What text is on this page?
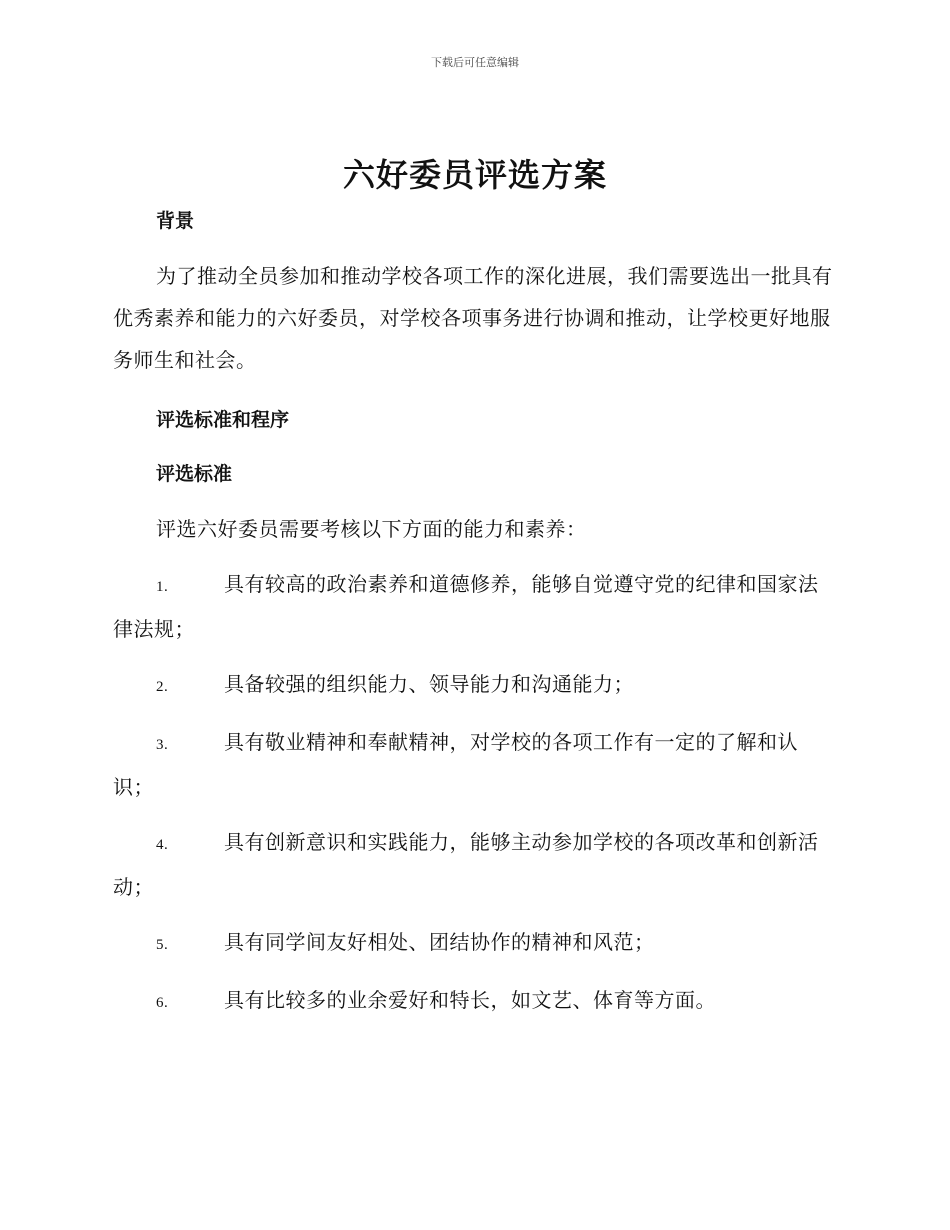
下载后可任意编辑
六好委员评选方案

背景

为了推动全员参加和推动学校各项工作的深化进展，我们需要选出一批具有优秀素养和能力的六好委员，对学校各项事务进行协调和推动，让学校更好地服务师生和社会。

评选标准和程序

评选标准

评选六好委员需要考核以下方面的能力和素养：

1.	具有较高的政治素养和道德修养，能够自觉遵守党的纪律和国家法律法规；
2.	具备较强的组织能力、领导能力和沟通能力；
3.	具有敬业精神和奉献精神，对学校的各项工作有一定的了解和认识；
4.	具有创新意识和实践能力，能够主动参加学校的各项改革和创新活动；
5.	具有同学间友好相处、团结协作的精神和风范；
6.	具有比较多的业余爱好和特长，如文艺、体育等方面。
